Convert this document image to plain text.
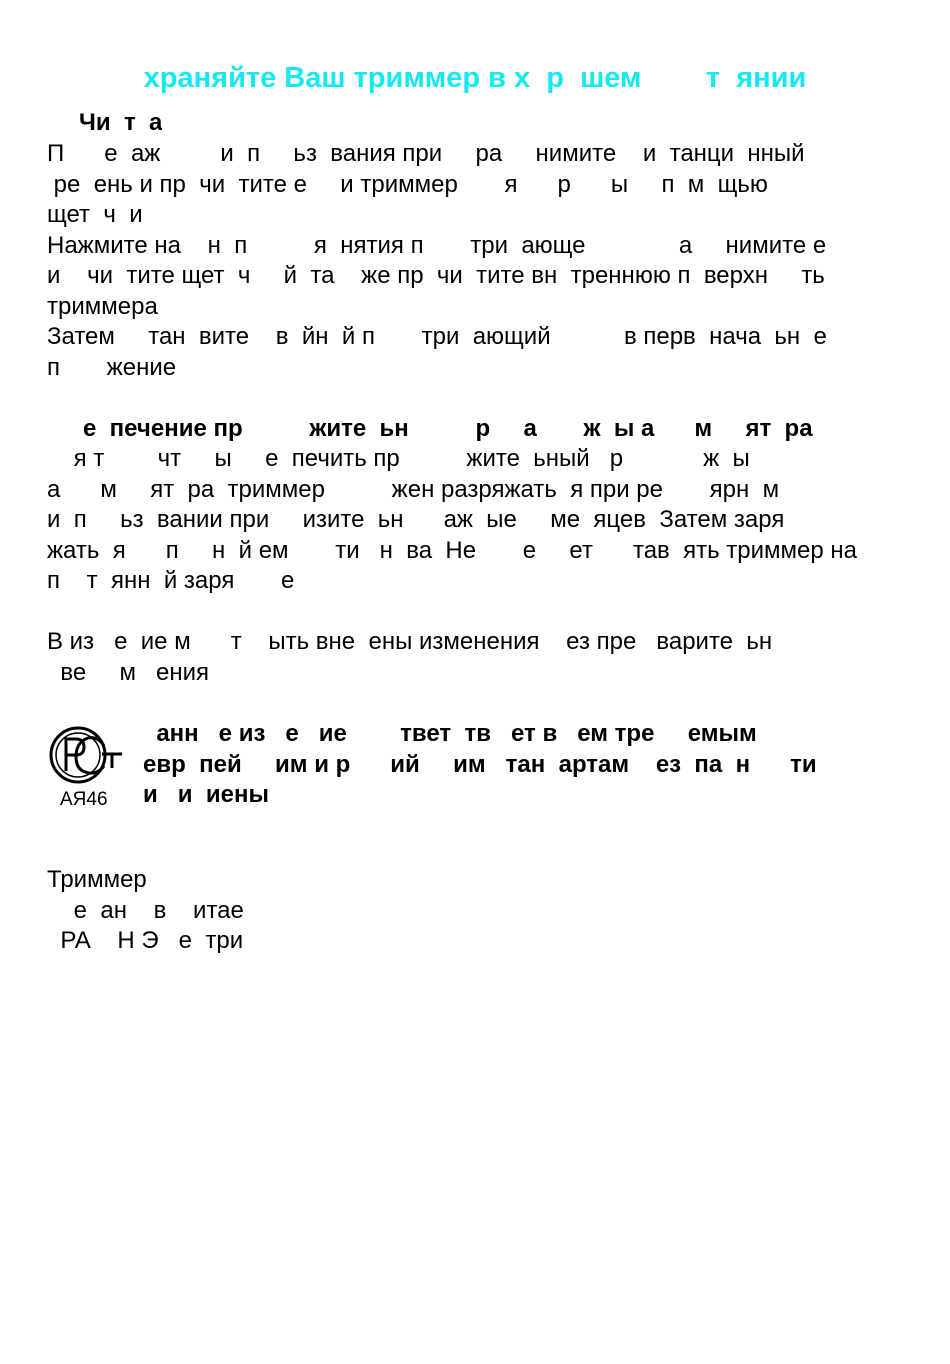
храняйте Ваш триммер в х  р  шем        т  янии
Чи  т  а
П      е  аж         и  п     ьз  вания при     ра     нимите    и  танци  нный
ре  ень и пр  чи  тите е     и триммер       я      р      ы     п  м  щью
щет  ч  и
Нажмите на    н  п          я  нятия п       три  ающе              а     нимите е
и    чи  тите щет  ч     й  та    же пр  чи  тите вн  треннюю п  верхн     ть
триммера
Затем     тан  вите    в  йн  й п       три  ающий           в перв  нача  ьн  е
п       жение
е  печение пр          жите  ьн          р     а       ж  ы а      м     ят  ра
я т        чт     ы     е  печить пр          жите  ьный   р            ж  ы
а      м     ят  ра  триммер          жен разряжать  я при ре       ярн  м
и  п     ьз  вании при     изите  ьн      аж  ые     ме  яцев  Затем заря
жать  я      п     н  й ем       ти   н  ва  Не       е     ет      тав  ять триммер на
п    т  янн  й заря       е
В из   е  ие м      т    ыть вне  ены изменения    ез пре   варите  ьн
ве     м   ения
АЯ46
анн   е из   е   ие        твет  тв   ет в   ем тре     емым
евр  пей     им и р      ий     им   тан  артам    ез  па  н      ти
и   и  иены
Триммер
е  ан    в    итае
РА    Н Э   е  три
